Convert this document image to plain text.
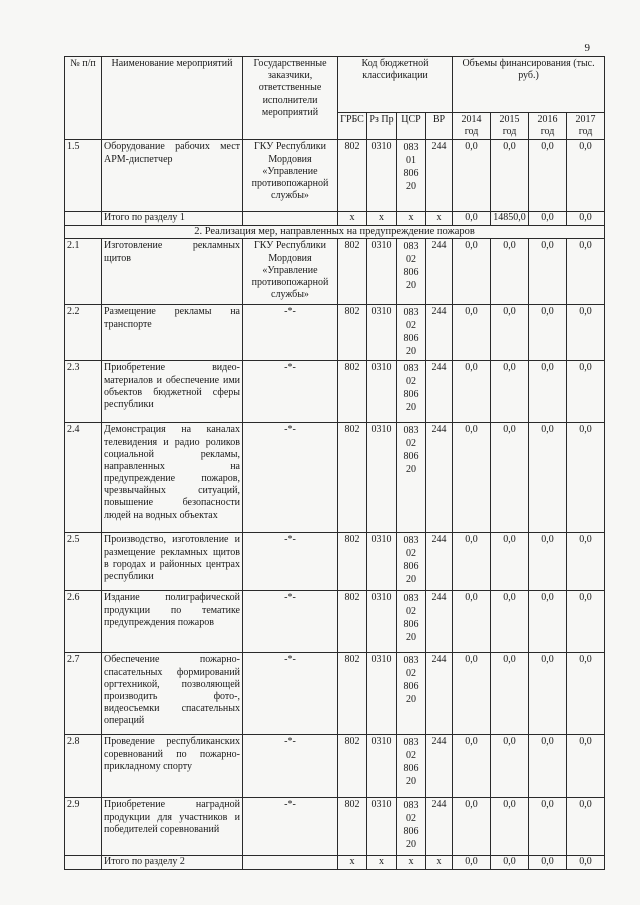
9
№ п/п	Наименование мероприятий	Государственные заказчики, ответственные исполнители мероприятий	Код бюджетной классификации				Объемы финансирования (тыс. руб.)			
			ГРБС	Рз Пр	ЦСР	ВР	2014 год	2015 год	2016 год	2017 год
1.5	Оборудование рабочих мест АРМ-диспетчер	ГКУ Республики Мордовия «Управление противопожарной службы»	802	0310	083
01
806
20	244	0,0	0,0	0,0	0,0
	Итого по разделу 1		x	x	x	x	0,0	14850,0	0,0	0,0
2. Реализация мер, направленных на предупреждение пожаров										
2.1	Изготовление рекламных щитов	ГКУ Республики Мордовия «Управление противопожарной службы»	802	0310	083
02
806
20	244	0,0	0,0	0,0	0,0
2.2	Размещение рекламы на транспорте	-*-	802	0310	083
02
806
20	244	0,0	0,0	0,0	0,0
2.3	Приобретение видео-материалов и обеспечение ими объектов бюджетной сферы республики	-*-	802	0310	083
02
806
20	244	0,0	0,0	0,0	0,0
2.4	Демонстрация на каналах телевидения и радио роликов социальной рекламы, направленных на предупреждение пожаров, чрезвычайных ситуаций, повышение безопасности людей на водных объектах	-*-	802	0310	083
02
806
20	244	0,0	0,0	0,0	0,0
2.5	Производство, изготовление и размещение рекламных щитов в городах и районных центрах республики	-*-	802	0310	083
02
806
20	244	0,0	0,0	0,0	0,0
2.6	Издание полиграфической продукции по тематике предупреждения пожаров	-*-	802	0310	083
02
806
20	244	0,0	0,0	0,0	0,0
2.7	Обеспечение пожарно-спасательных формирований оргтехникой, позволяющей производить фото-, видеосъемки спасательных операций	-*-	802	0310	083
02
806
20	244	0,0	0,0	0,0	0,0
2.8	Проведение республиканских соревнований по пожарно-прикладному спорту	-*-	802	0310	083
02
806
20	244	0,0	0,0	0,0	0,0
2.9	Приобретение наградной продукции для участников и победителей соревнований	-*-	802	0310	083
02
806
20	244	0,0	0,0	0,0	0,0
	Итого по разделу 2		x	x	x	x	0,0	0,0	0,0	0,0
